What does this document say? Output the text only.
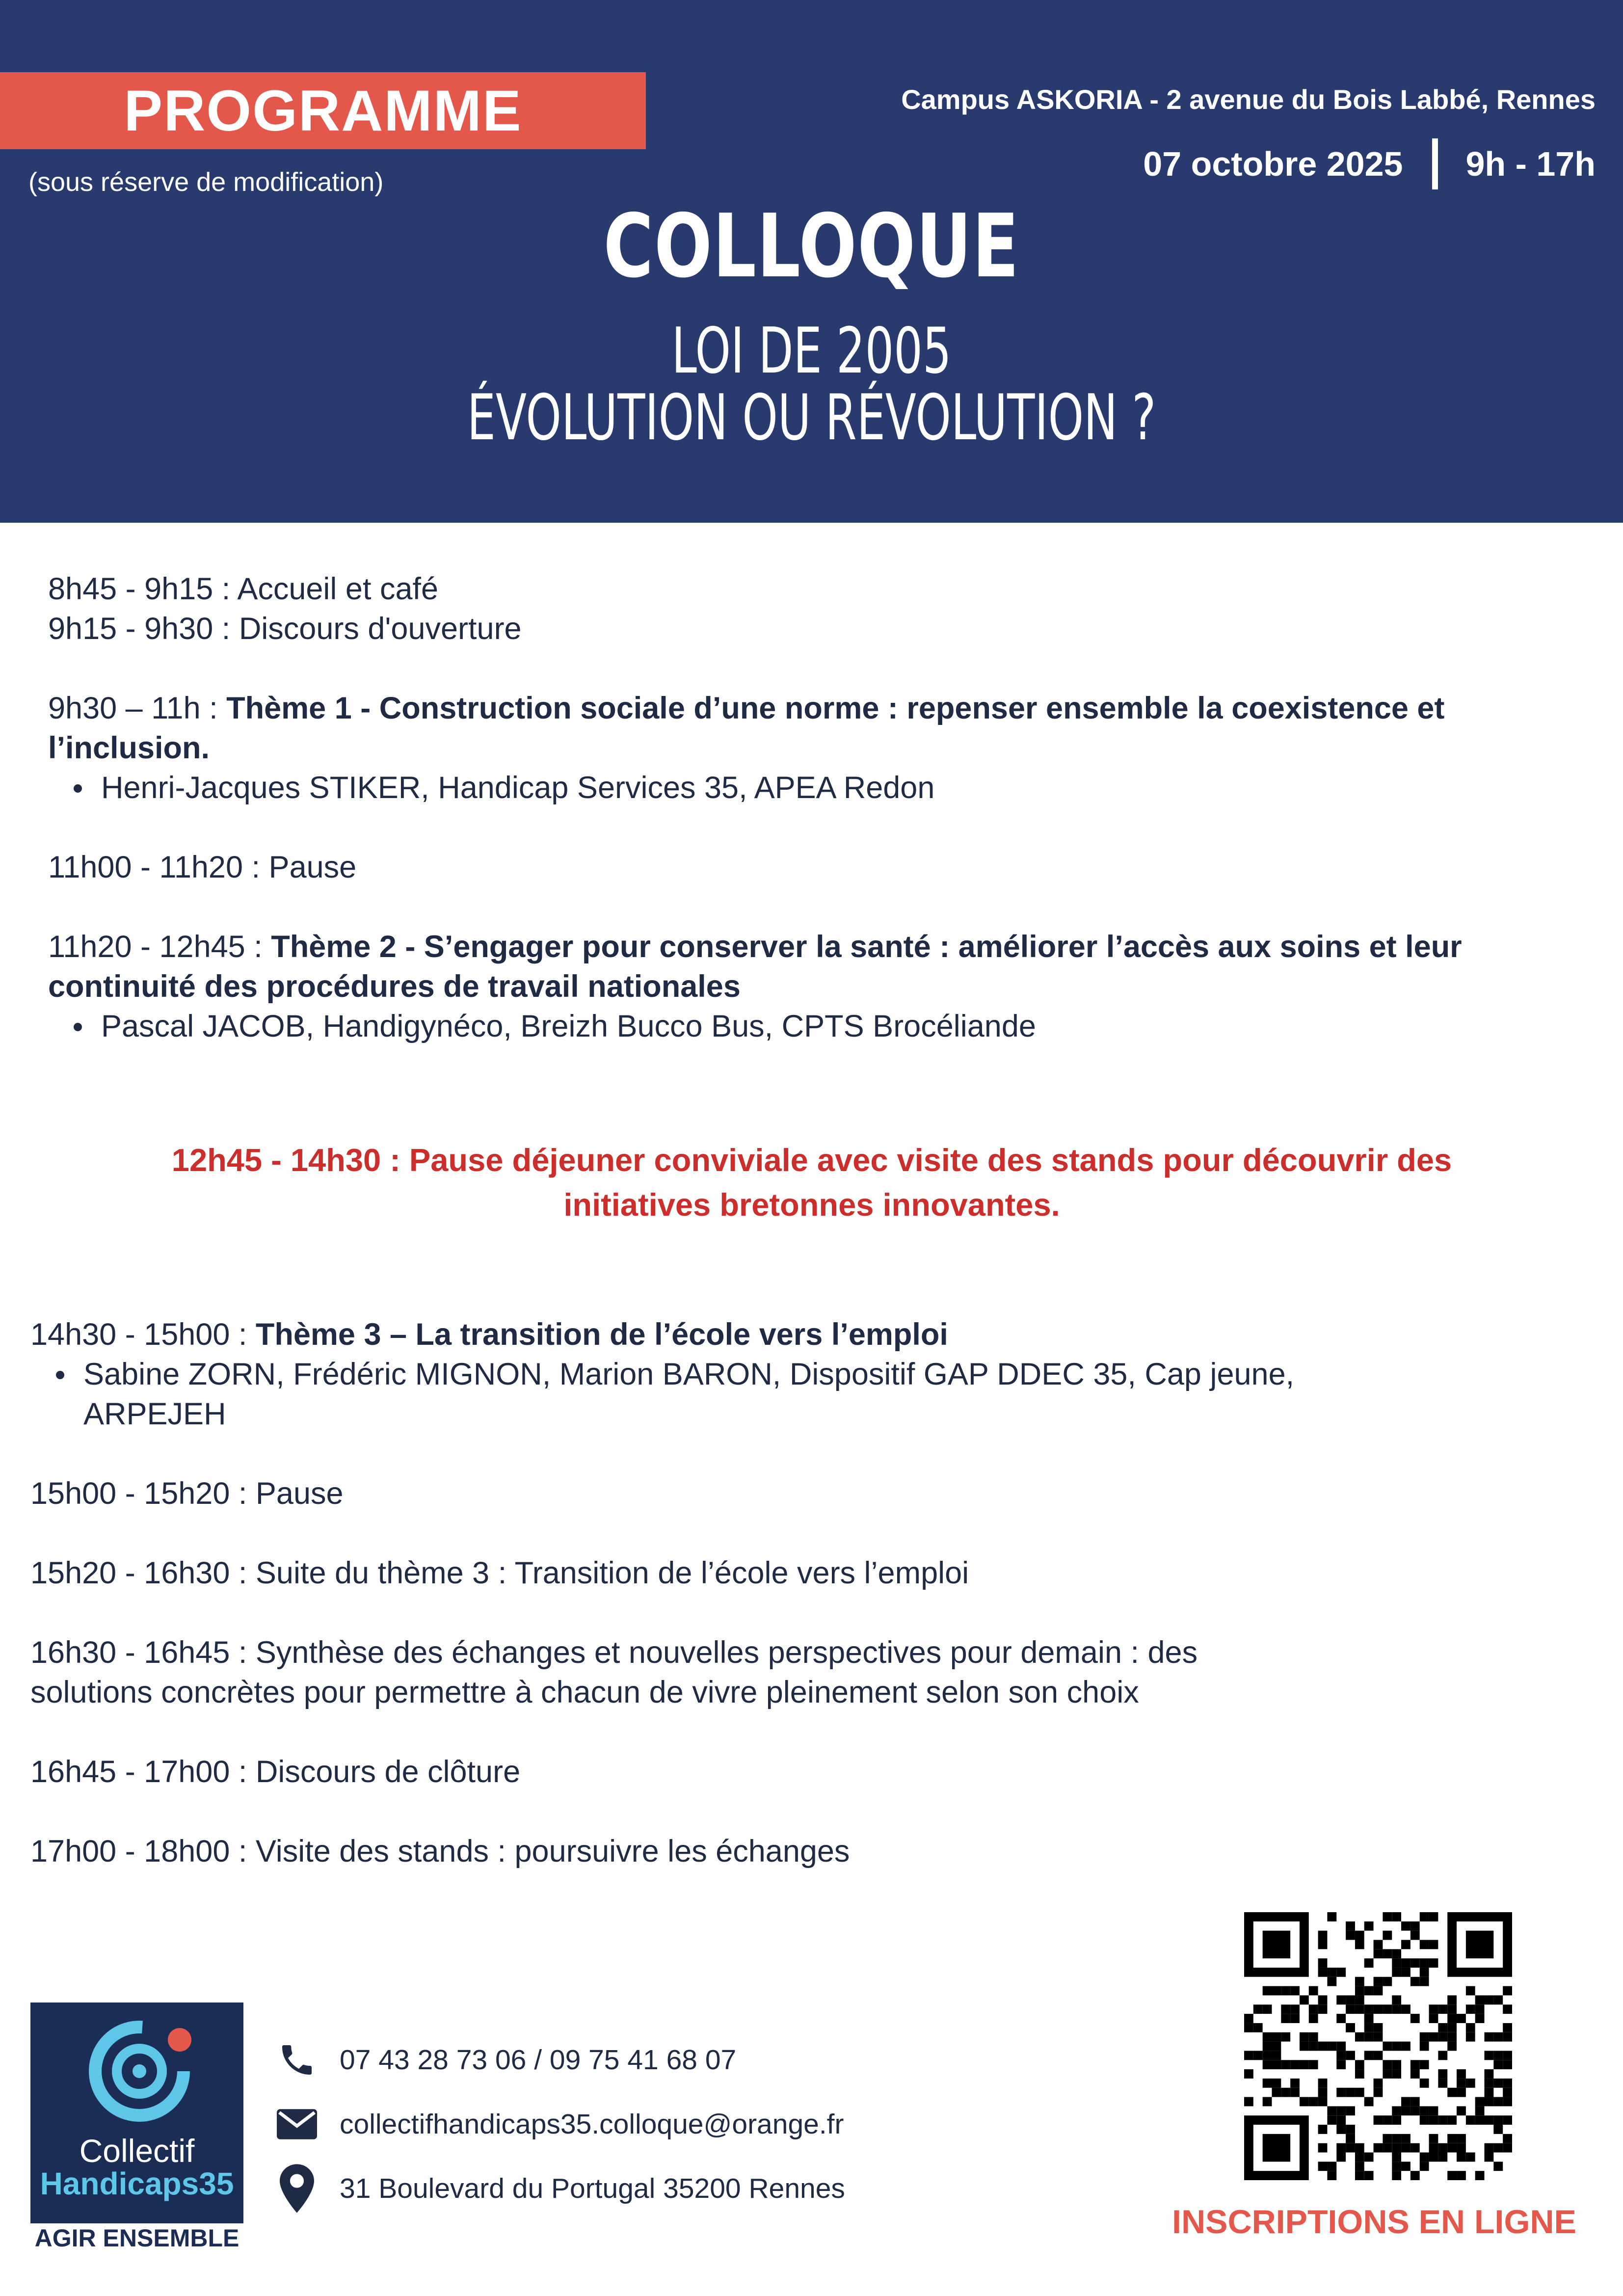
PROGRAMME
(sous réserve de modification)
Campus ASKORIA - 2 avenue du Bois Labbé, Rennes
07 octobre 2025 9h - 17h
COLLOQUE
LOI DE 2005
ÉVOLUTION OU RÉVOLUTION ?
8h45 - 9h15 : Accueil et café
9h15 - 9h30 : Discours d'ouverture
9h30 – 11h : Thème 1 - Construction sociale d’une norme : repenser ensemble la coexistence et l’inclusion.
Henri-Jacques STIKER, Handicap Services 35, APEA Redon
11h00 - 11h20 : Pause
11h20 - 12h45 : Thème 2 - S’engager pour conserver la santé : améliorer l’accès aux soins et leur continuité des procédures de travail nationales
Pascal JACOB, Handigynéco, Breizh Bucco Bus, CPTS Brocéliande
12h45 - 14h30 : Pause déjeuner conviviale avec visite des stands pour découvrir des
initiatives bretonnes innovantes.
14h30 - 15h00 : Thème 3 – La transition de l’école vers l’emploi
Sabine ZORN, Frédéric MIGNON, Marion BARON, Dispositif GAP DDEC 35, Cap jeune,
ARPEJEH
15h00 - 15h20 : Pause
15h20 - 16h30 : Suite du thème 3 : Transition de l’école vers l’emploi
16h30 - 16h45 : Synthèse des échanges et nouvelles perspectives pour demain : des
solutions concrètes pour permettre à chacun de vivre pleinement selon son choix
16h45 - 17h00 : Discours de clôture
17h00 - 18h00 : Visite des stands : poursuivre les échanges
Collectif
Handicaps35
AGIR ENSEMBLE
07 43 28 73 06 / 09 75 41 68 07
collectifhandicaps35.colloque@orange.fr
31 Boulevard du Portugal 35200 Rennes
INSCRIPTIONS EN LIGNE
